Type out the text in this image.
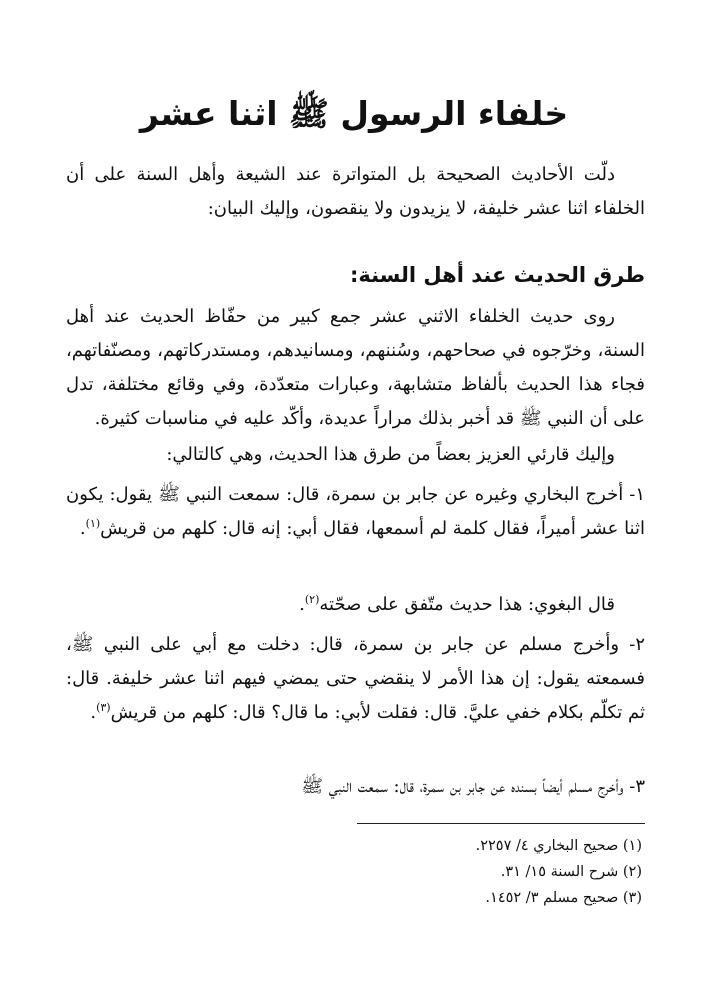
خلفاء الرسول ﷺ اثنا عشر

دلّت الأحاديث الصحيحة بل المتواترة عند الشيعة وأهل السنة على أن الخلفاء اثنا عشر خليفة، لا يزيدون ولا ينقصون، وإليك البيان:

طرق الحديث عند أهل السنة:

روى حديث الخلفاء الاثني عشر جمع كبير من حفّاظ الحديث عند أهل السنة، وخرّجوه في صحاحهم، وسُننهم، ومسانيدهم، ومستدركاتهم، ومصنّفاتهم، فجاء هذا الحديث بألفاظ متشابهة، وعبارات متعدّدة، وفي وقائع مختلفة، تدل على أن النبي ﷺ قد أخبر بذلك مراراً عديدة، وأكّد عليه في مناسبات كثيرة.

وإليك قارئي العزيز بعضاً من طرق هذا الحديث، وهي كالتالي:

١- أخرج البخاري وغيره عن جابر بن سمرة، قال: سمعت النبي ﷺ يقول: يكون اثنا عشر أميراً، فقال كلمة لم أسمعها، فقال أبي: إنه قال: كلهم من قريش$^{(١)}$.

قال البغوي: هذا حديث متّفق على صحّته$^{(٢)}$.

٢- وأخرج مسلم عن جابر بن سمرة، قال: دخلت مع أبي على النبي ﷺ، فسمعته يقول: إن هذا الأمر لا ينقضي حتى يمضي فيهم اثنا عشر خليفة. قال: ثم تكلّم بكلام خفي عليَّ. قال: فقلت لأبي: ما قال؟ قال: كلهم من قريش$^{(٣)}$.

٣- وأخرج مسلم أيضاً بسنده عن جابر بن سمرة، قال: سمعت النبي ﷺ

(١) صحيح البخاري ٤/ ٢٢٥٧.
(٢) شرح السنة ١٥/ ٣١.
(٣) صحيح مسلم ٣/ ١٤٥٢.
